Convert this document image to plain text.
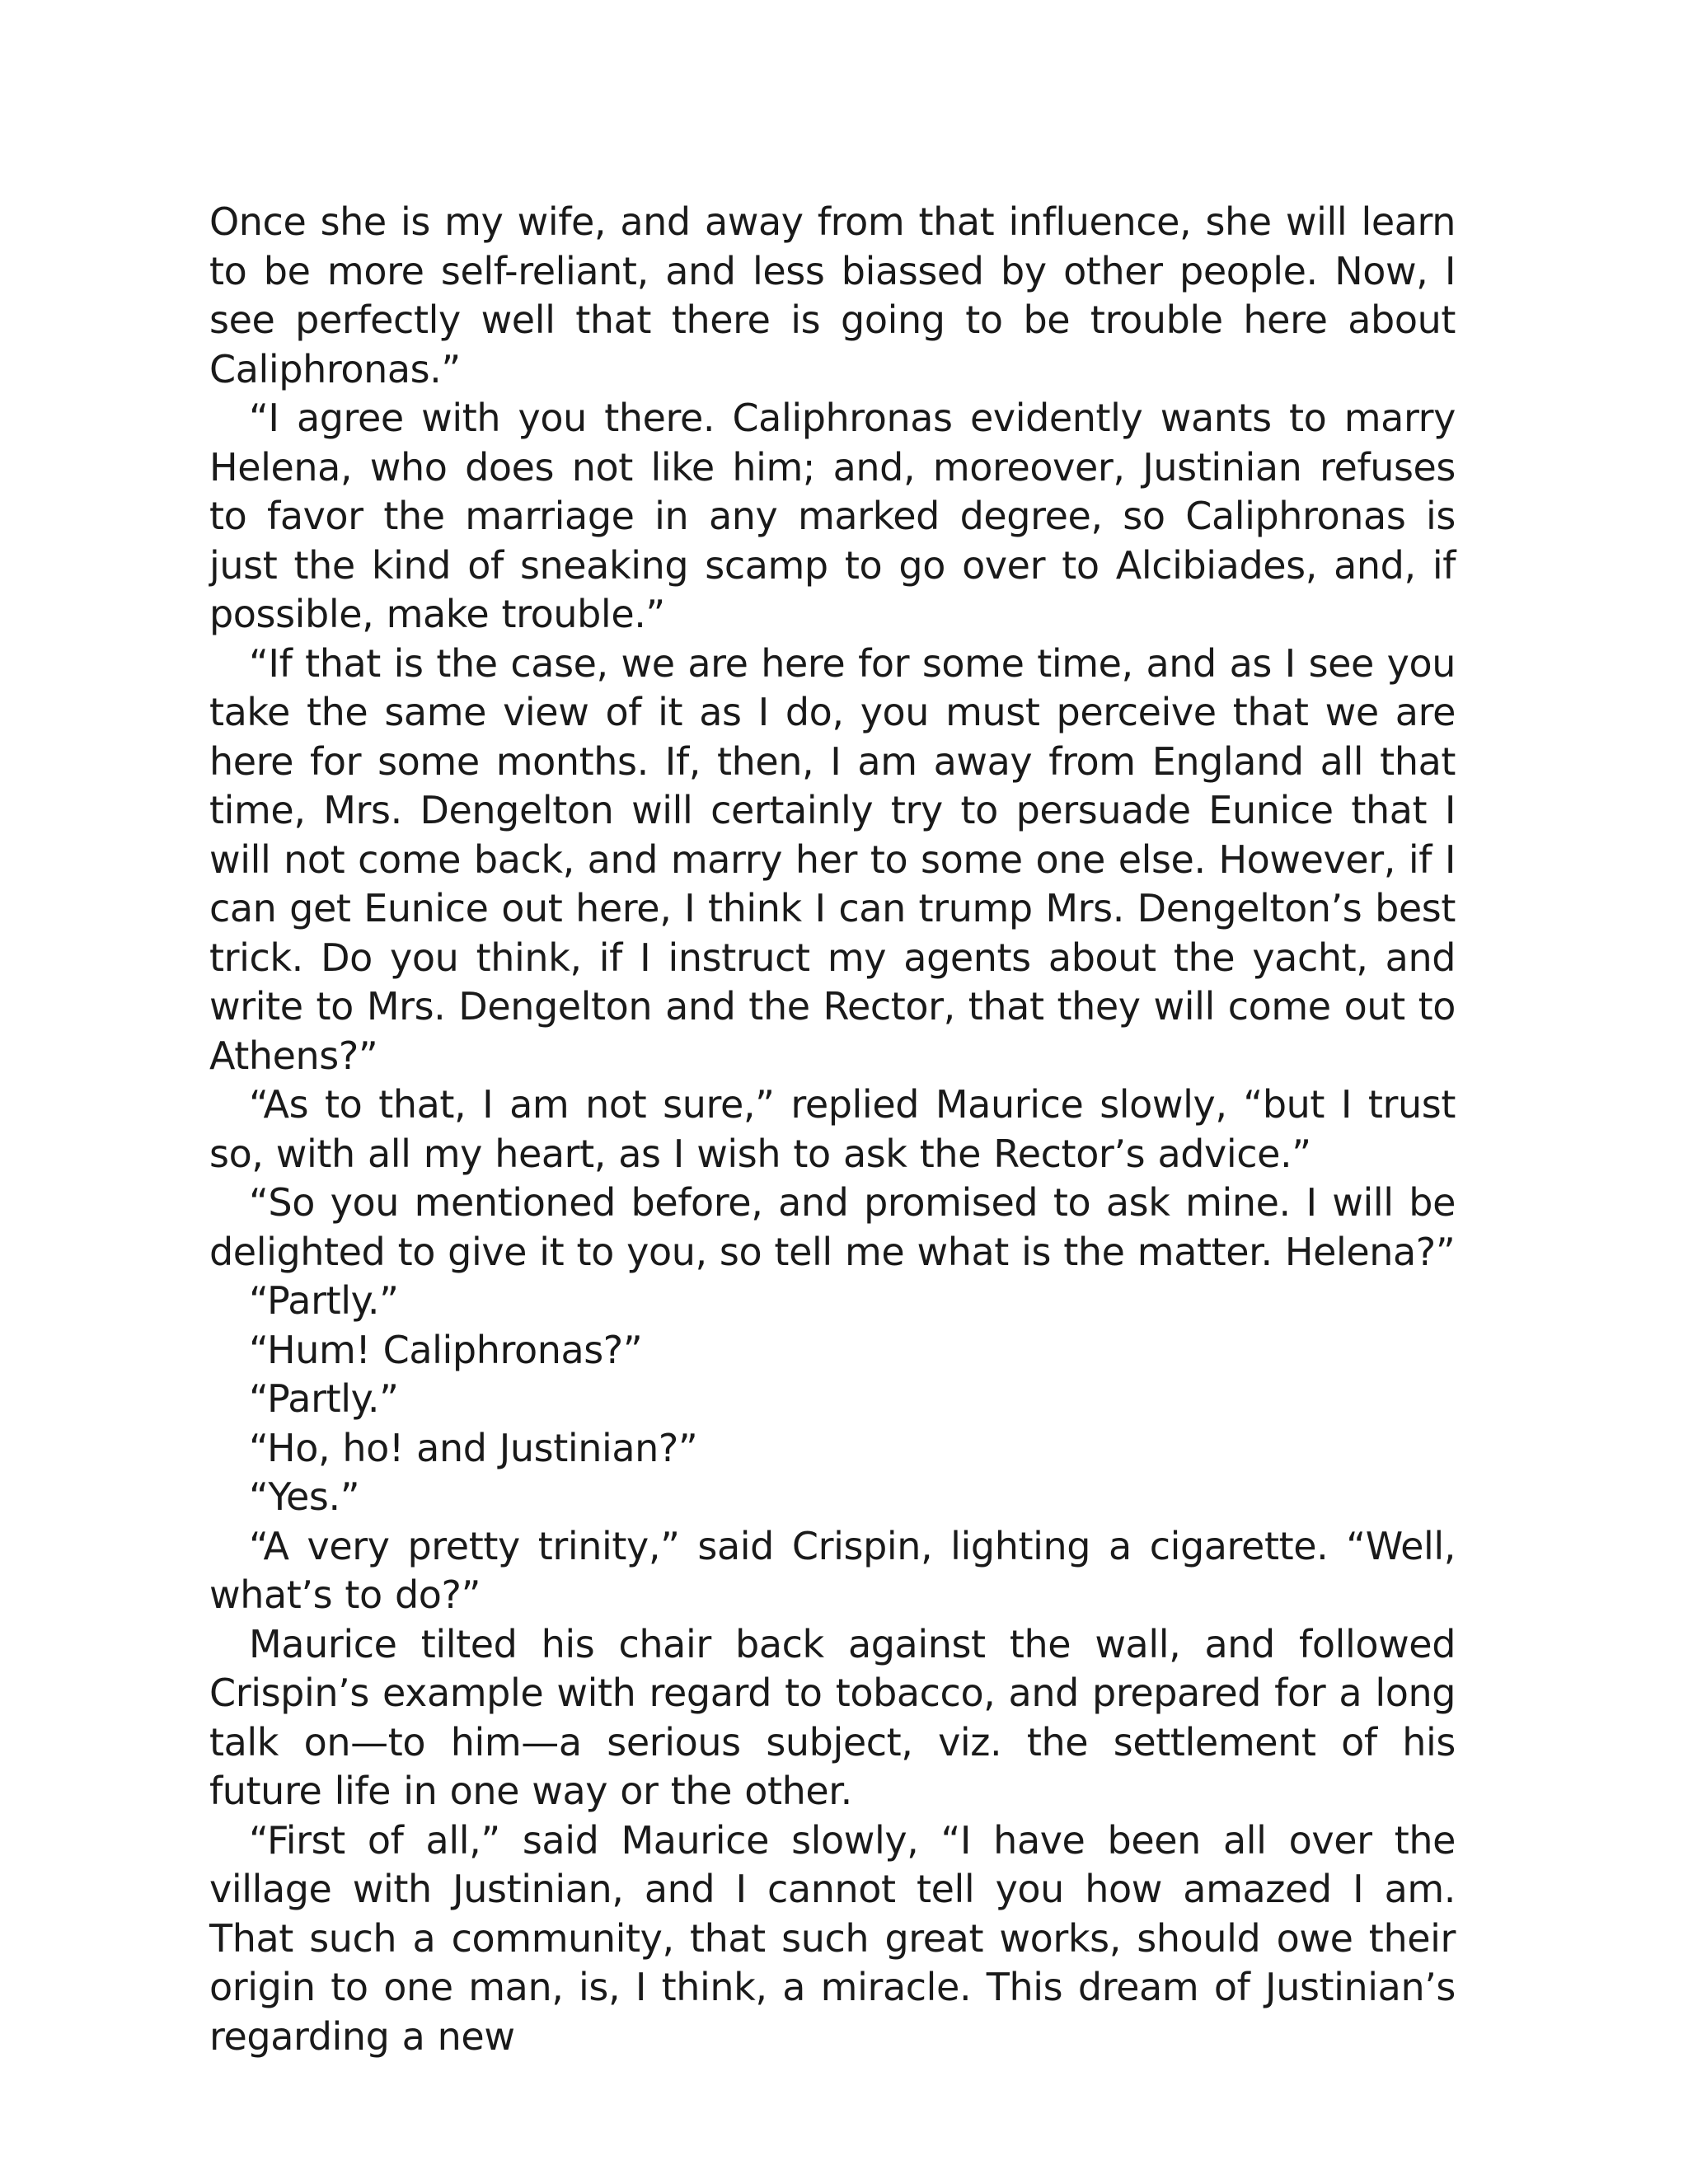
Once she is my wife, and away from that influence, she will learn to be more self-reliant, and less biassed by other people. Now, I see perfectly well that there is going to be trouble here about Caliphronas.”

“I agree with you there. Caliphronas evidently wants to marry Helena, who does not like him; and, moreover, Justinian refuses to favor the marriage in any marked degree, so Caliphronas is just the kind of sneaking scamp to go over to Alcibiades, and, if possible, make trouble.”

“If that is the case, we are here for some time, and as I see you take the same view of it as I do, you must perceive that we are here for some months. If, then, I am away from England all that time, Mrs. Dengelton will certainly try to persuade Eunice that I will not come back, and marry her to some one else. However, if I can get Eunice out here, I think I can trump Mrs. Dengelton’s best trick. Do you think, if I instruct my agents about the yacht, and write to Mrs. Dengelton and the Rector, that they will come out to Athens?”

“As to that, I am not sure,” replied Maurice slowly, “but I trust so, with all my heart, as I wish to ask the Rector’s advice.”

“So you mentioned before, and promised to ask mine. I will be delighted to give it to you, so tell me what is the matter. Helena?”

“Partly.”

“Hum! Caliphronas?”

“Partly.”

“Ho, ho! and Justinian?”

“Yes.”

“A very pretty trinity,” said Crispin, lighting a cigarette. “Well, what’s to do?”

Maurice tilted his chair back against the wall, and followed Crispin’s example with regard to tobacco, and prepared for a long talk on—to him—a serious subject, viz. the settlement of his future life in one way or the other.

“First of all,” said Maurice slowly, “I have been all over the village with Justinian, and I cannot tell you how amazed I am. That such a community, that such great works, should owe their origin to one man, is, I think, a miracle. This dream of Justinian’s regarding a new
